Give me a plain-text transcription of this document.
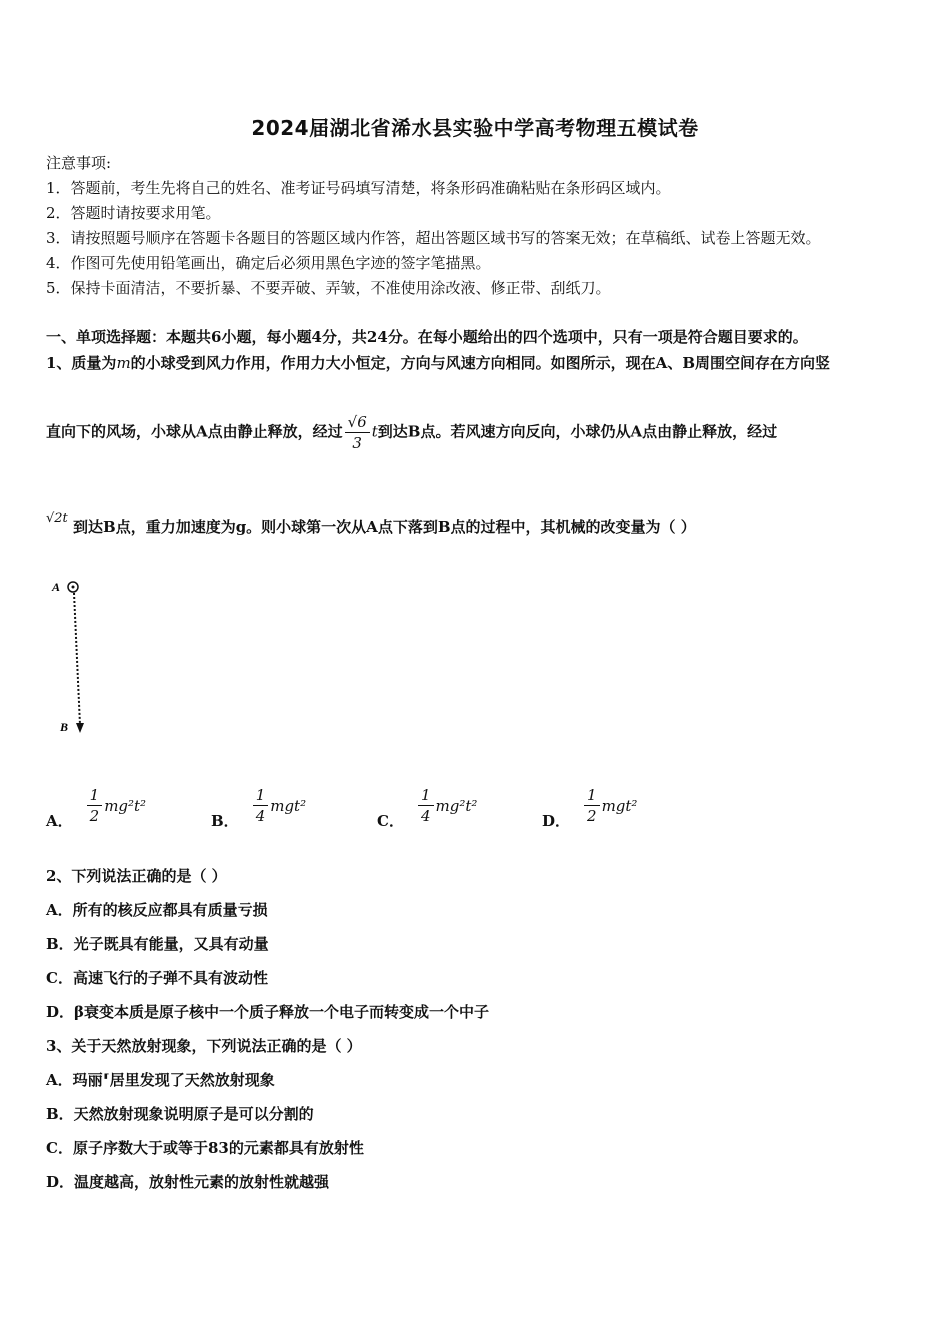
2024届湖北省浠水县实验中学高考物理五模试卷
注意事项:
1．答题前，考生先将自己的姓名、准考证号码填写清楚，将条形码准确粘贴在条形码区域内。
2．答题时请按要求用笔。
3．请按照题号顺序在答题卡各题目的答题区域内作答，超出答题区域书写的答案无效；在草稿纸、试卷上答题无效。
4．作图可先使用铅笔画出，确定后必须用黑色字迹的签字笔描黑。
5．保持卡面清洁，不要折暴、不要弄破、弄皱，不准使用涂改液、修正带、刮纸刀。
一、单项选择题：本题共6小题，每小题4分，共24分。在每小题给出的四个选项中，只有一项是符合题目要求的。
1、质量为m的小球受到风力作用，作用力大小恒定，方向与风速方向相同。如图所示，现在A、B周围空间存在方向竖
直向下的风场，小球从A点由静止释放，经过 $\frac{√6}{3}$ t到达B点。若风速方向反向，小球仍从A点由静止释放，经过
√2t 到达B点，重力加速度为g。则小球第一次从A点下落到B点的过程中，其机械的改变量为（ ）
A
B
A． $\frac{1}{2} mg^2t^2$
B． $\frac{1}{4} mgt^2$
C． $\frac{1}{4} mg^2t^2$
D． $\frac{1}{2} mgt^2$
2、下列说法正确的是（ ）
A．所有的核反应都具有质量亏损
B．光子既具有能量，又具有动量
C．高速飞行的子弹不具有波动性
D．β衰变本质是原子核中一个质子释放一个电子而转变成一个中子
3、关于天然放射现象，下列说法正确的是（ ）
A．玛丽⸢居里发现了天然放射现象
B．天然放射现象说明原子是可以分割的
C．原子序数大于或等于83的元素都具有放射性
D．温度越高，放射性元素的放射性就越强
